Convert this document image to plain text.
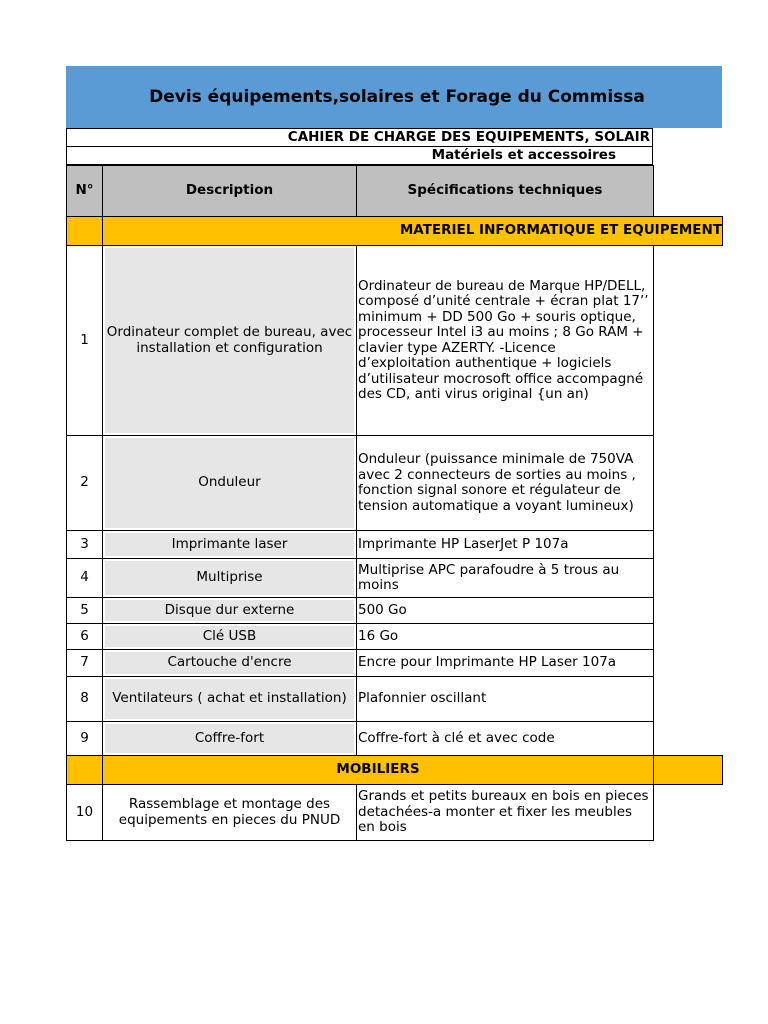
Devis équipements,solaires et Forage du Commissa
CAHIER DE CHARGE DES EQUIPEMENTS, SOLAIR
Matériels et accessoires
N°	Description	Spécifications techniques	
	MATERIEL INFORMATIQUE ET EQUIPEMENT		
1	Ordinateur complet de bureau, avec installation et configuration	Ordinateur de bureau de Marque HP/DELL, composé d’unité centrale + écran plat 17’’ minimum + DD 500 Go + souris optique, processeur Intel i3 au moins ; 8 Go RAM + clavier type AZERTY. -Licence d’exploitation authentique + logiciels d’utilisateur mocrosoft office accompagné des CD, anti virus original {un an)	
2	Onduleur	Onduleur (puissance minimale de 750VA avec 2 connecteurs de sorties au moins , fonction signal sonore et régulateur de tension automatique a voyant lumineux)	
3	Imprimante laser	Imprimante HP LaserJet P 107a	
4	Multiprise	Multiprise APC parafoudre à 5 trous au moins	
5	Disque dur externe	500 Go	
6	Clé USB	16 Go	
7	Cartouche d'encre	Encre pour Imprimante HP Laser 107a	
8	Ventilateurs ( achat et installation)	Plafonnier oscillant	
9	Coffre-fort	Coffre-fort à clé et avec code	
	MOBILIERS		
10	Rassemblage et montage des equipements en pieces du PNUD	Grands et petits bureaux en bois en pieces detachées-a monter et fixer les meubles en bois	
